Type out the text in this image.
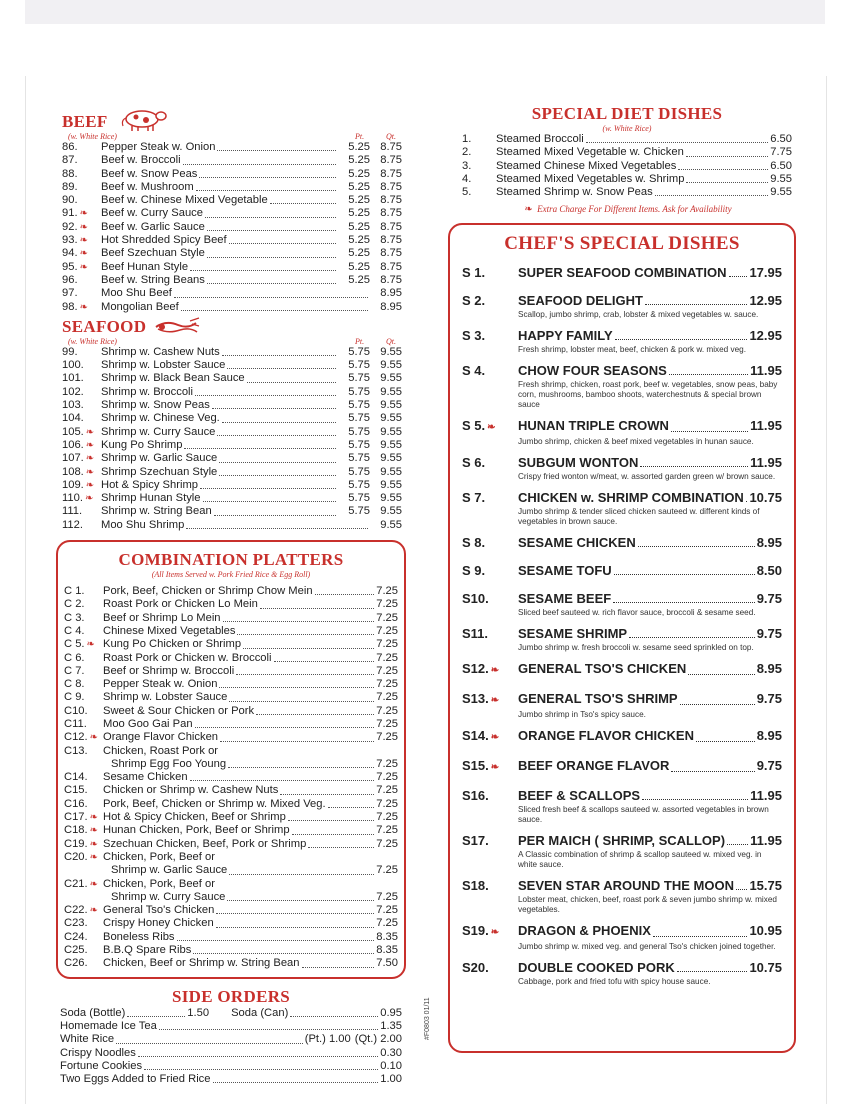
BEEF
(w. White Rice)	Pt.	Qt.
86.	Pepper Steak w. Onion	5.25 8.75
87.	Beef w. Broccoli	5.25 8.75
88.	Beef w. Snow Peas	5.25 8.75
89.	Beef w. Mushroom	5.25 8.75
90.	Beef w. Chinese Mixed Vegetable	5.25 8.75
91. ❧	Beef w. Curry Sauce	5.25 8.75
92. ❧	Beef w. Garlic Sauce	5.25 8.75
93. ❧	Hot Shredded Spicy Beef	5.25 8.75
94. ❧	Beef Szechuan Style	5.25 8.75
95. ❧	Beef Hunan Style	5.25 8.75
96.	Beef w. String Beans	5.25 8.75
97.	Moo Shu Beef	8.95
98. ❧	Mongolian Beef	8.95
SEAFOOD
(w. White Rice)	Pt.	Qt.
99.	Shrimp w. Cashew Nuts	5.75 9.55
100.	Shrimp w. Lobster Sauce	5.75 9.55
101.	Shrimp w. Black Bean Sauce	5.75 9.55
102.	Shrimp w. Broccoli	5.75 9.55
103.	Shrimp w. Snow Peas	5.75 9.55
104.	Shrimp w. Chinese Veg.	5.75 9.55
105. ❧ Shrimp w. Curry Sauce	5.75 9.55
106. ❧ Kung Po Shrimp	5.75 9.55
107. ❧ Shrimp w. Garlic Sauce	5.75 9.55
108. ❧ Shrimp Szechuan Style	5.75 9.55
109. ❧ Hot & Spicy Shrimp	5.75 9.55
110. ❧ Shrimp Hunan Style	5.75 9.55
111.	Shrimp w. String Bean	5.75 9.55
112.	Moo Shu Shrimp	9.55
COMBINATION PLATTERS
(All Items Served w. Pork Fried Rice & Egg Roll)
C 1.	Pork, Beef, Chicken or Shrimp Chow Mein	7.25
C 2.	Roast Pork or Chicken Lo Mein	7.25
C 3.	Beef or Shrimp Lo Mein	7.25
C 4.	Chinese Mixed Vegetables	7.25
C 5. ❧ Kung Po Chicken or Shrimp	7.25
C 6.	Roast Pork or Chicken w. Broccoli	7.25
C 7.	Beef or Shrimp w. Broccoli	7.25
C 8.	Pepper Steak w. Onion	7.25
C 9.	Shrimp w. Lobster Sauce	7.25
C10.	Sweet & Sour Chicken or Pork	7.25
C11.	Moo Goo Gai Pan	7.25
C12. ❧ Orange Flavor Chicken	7.25
C13.	Chicken, Roast Pork or
Shrimp Egg Foo Young	7.25
C14.	Sesame Chicken	7.25
C15.	Chicken or Shrimp w. Cashew Nuts	7.25
C16.	Pork, Beef, Chicken or Shrimp w. Mixed Veg.	7.25
C17. ❧ Hot & Spicy Chicken, Beef or Shrimp	7.25
C18. ❧ Hunan Chicken, Pork, Beef or Shrimp	7.25
C19. ❧ Szechuan Chicken, Beef, Pork or Shrimp	7.25
C20. ❧ Chicken, Pork, Beef or
Shrimp w. Garlic Sauce	7.25
C21. ❧ Chicken, Pork, Beef or
Shrimp w. Curry Sauce	7.25
C22. ❧ General Tso's Chicken	7.25
C23.	Crispy Honey Chicken	7.25
C24.	Boneless Ribs	8.35
C25.	B.B.Q Spare Ribs	8.35
C26.	Chicken, Beef or Shrimp w. String Bean	7.50
SIDE ORDERS
Soda (Bottle)	1.50 Soda (Can)	0.95
Homemade Ice Tea	1.35
White Rice	(Pt.) 1.00 (Qt.) 2.00
Crispy Noodles	0.30
Fortune Cookies	0.10
Two Eggs Added to Fried Rice	1.00
#F0803 01/11
SPECIAL DIET DISHES
(w. White Rice)
1.	Steamed Broccoli	6.50
2.	Steamed Mixed Vegetable w. Chicken	7.75
3.	Steamed Chinese Mixed Vegetables	6.50
4.	Steamed Mixed Vegetables w. Shrimp	9.55
5.	Steamed Shrimp w. Snow Peas	9.55
❧ Extra Charge For Different Items. Ask for Availability
CHEF'S SPECIAL DISHES
S 1.	SUPER SEAFOOD COMBINATION 17.95
S 2.	SEAFOOD DELIGHT	12.95
Scallop, jumbo shrimp, crab, lobster & mixed vegetables w. sauce.
S 3.	HAPPY FAMILY	12.95
Fresh shrimp, lobster meat, beef, chicken & pork w. mixed veg.
S 4.	CHOW FOUR SEASONS	11.95
Fresh shrimp, chicken, roast pork, beef w. vegetables, snow peas, baby corn, mushrooms, bamboo shoots, waterchestnuts & special brown sauce
S 5. ❧	HUNAN TRIPLE CROWN	11.95
Jumbo shrimp, chicken & beef mixed vegetables in hunan sauce.
S 6.	SUBGUM WONTON	11.95
Crispy fried wonton w/meat, w. assorted garden green w/ brown sauce.
S 7.	CHICKEN w. SHRIMP COMBINATION 10.75
Jumbo shrimp & tender sliced chicken sauteed w. different kinds of vegetables in brown sauce.
S 8.	SESAME CHICKEN	8.95
S 9.	SESAME TOFU	8.50
S10.	SESAME BEEF	9.75
Sliced beef sauteed w. rich flavor sauce, broccoli & sesame seed.
S11.	SESAME SHRIMP	9.75
Jumbo shrimp w. fresh broccoli w. sesame seed sprinkled on top.
S12. ❧	GENERAL TSO'S CHICKEN	8.95
S13. ❧	GENERAL TSO'S SHRIMP	9.75
Jumbo shrimp in Tso's spicy sauce.
S14. ❧	ORANGE FLAVOR CHICKEN	8.95
S15. ❧	BEEF ORANGE FLAVOR	9.75
S16.	BEEF & SCALLOPS	11.95
Sliced fresh beef & scallops sauteed w. assorted vegetables in brown sauce.
S17.	PER MAICH ( SHRIMP, SCALLOP) 11.95
A Classic combination of shrimp & scallop sauteed w. mixed veg. in white sauce.
S18.	SEVEN STAR AROUND THE MOON 15.75
Lobster meat, chicken, beef, roast pork & seven jumbo shrimp w. mixed vegetables.
S19. ❧	DRAGON & PHOENIX	10.95
Jumbo shrimp w. mixed veg. and general Tso's chicken joined together.
S20.	DOUBLE COOKED PORK	10.75
Cabbage, pork and fried tofu with spicy house sauce.
